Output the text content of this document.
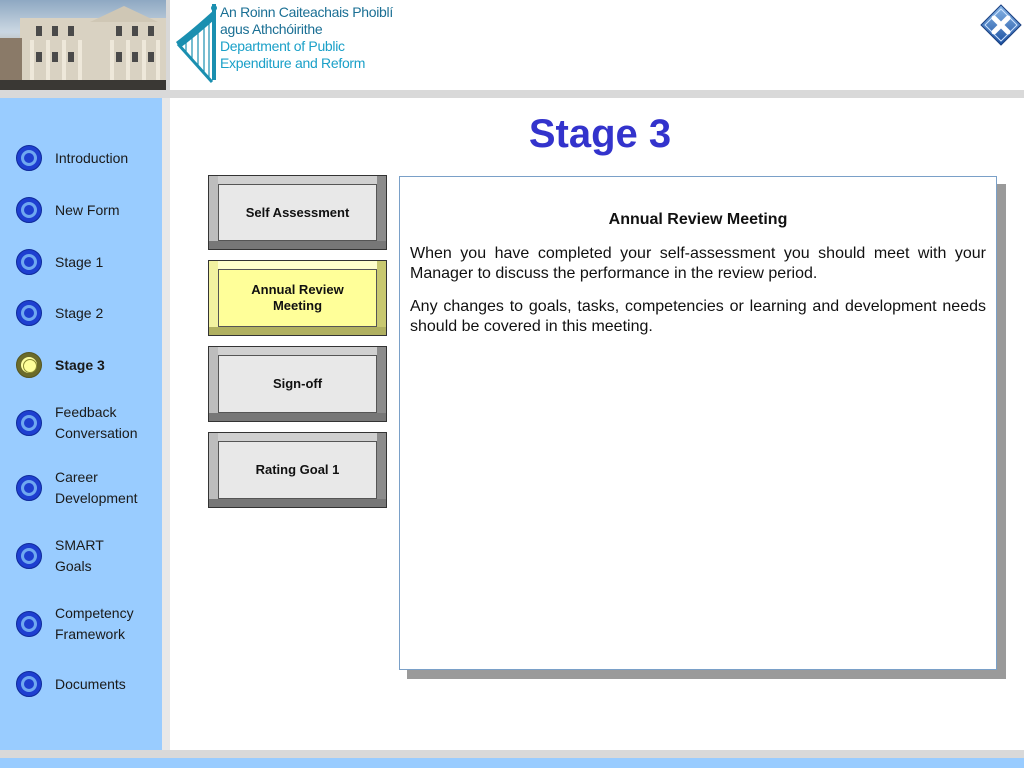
An Roinn Caiteachais Phoiblí
agus Athchóirithe
Department of Public
Expenditure and Reform
Introduction
New Form
Stage 1
Stage 2
Stage 3
Feedback Conversation
Career Development
SMART Goals
Competency Framework
Documents
Stage 3
Self Assessment
Annual Review Meeting
Sign-off
Rating Goal 1
Annual Review Meeting
When you have completed your self-assessment you should meet with your Manager to discuss the performance in the review period.
Any changes to goals, tasks, competencies or learning and development needs should be covered in this meeting.
